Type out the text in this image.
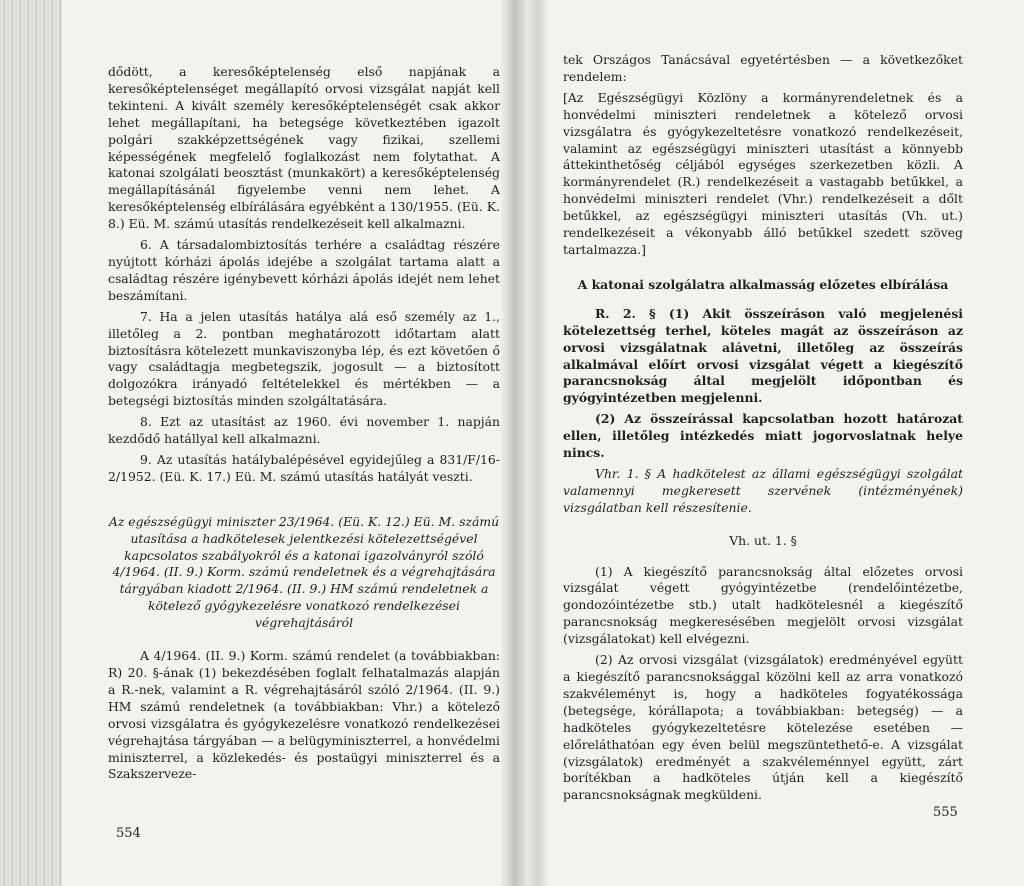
dődött, a keresőképtelenség első napjának a keresőképtelenséget megállapító orvosi vizsgálat napját kell tekinteni. A kivált személy keresőképtelenségét csak akkor lehet megállapítani, ha betegsége következtében igazolt polgári szakképzettségének vagy fizikai, szellemi képességének megfelelő foglalkozást nem folytathat. A katonai szolgálati beosztást (munkakört) a keresőképtelenség megállapításánál figyelembe venni nem lehet. A keresőképtelenség elbírálására egyébként a 130/1955. (Eü. K. 8.) Eü. M. számú utasítás rendelkezéseit kell alkalmazni.

6. A társadalombiztosítás terhére a családtag részére nyújtott kórházi ápolás idejébe a szolgálat tartama alatt a családtag részére igénybevett kórházi ápolás idejét nem lehet beszámítani.

7. Ha a jelen utasítás hatálya alá eső személy az 1., illetőleg a 2. pontban meghatározott időtartam alatt biztosításra kötelezett munkaviszonyba lép, és ezt követően ő vagy családtagja megbetegszik, jogosult — a biztosított dolgozókra irányadó feltételekkel és mértékben — a betegségi biztosítás minden szolgáltatására.

8. Ezt az utasítást az 1960. évi november 1. napján kezdődő hatállyal kell alkalmazni.

9. Az utasítás hatálybalépésével egyidejűleg a 831/F/16-2/1952. (Eü. K. 17.) Eü. M. számú utasítás hatályát veszti.

Az egészségügyi miniszter 23/1964. (Eü. K. 12.) Eü. M. számú utasítása a hadkötelesek jelentkezési kötelezettségével kapcsolatos szabályokról és a katonai igazolványról szóló 4/1964. (II. 9.) Korm. számú rendeletnek és a végrehajtására tárgyában kiadott 2/1964. (II. 9.) HM számú rendeletnek a kötelező gyógykezelésre vonatkozó rendelkezései végrehajtásáról

A 4/1964. (II. 9.) Korm. számú rendelet (a továbbiakban: R) 20. §-ának (1) bekezdésében foglalt felhatalmazás alapján a R.-nek, valamint a R. végrehajtásáról szóló 2/1964. (II. 9.) HM számú rendeletnek (a továbbiakban: Vhr.) a kötelező orvosi vizsgálatra és gyógykezelésre vonatkozó rendelkezései végrehajtása tárgyában — a belügyminiszterrel, a honvédelmi miniszterrel, a közlekedés- és postaügyi miniszterrel és a Szakszerveze-

554

tek Országos Tanácsával egyetértésben — a következőket rendelem:

[Az Egészségügyi Közlöny a kormányrendeletnek és a honvédelmi miniszteri rendeletnek a kötelező orvosi vizsgálatra és gyógykezeltetésre vonatkozó rendelkezéseit, valamint az egészségügyi miniszteri utasítást a könnyebb áttekinthetőség céljából egységes szerkezetben közli. A kormányrendelet (R.) rendelkezéseit a vastagabb betűkkel, a honvédelmi miniszteri rendelet (Vhr.) rendelkezéseit a dőlt betűkkel, az egészségügyi miniszteri utasítás (Vh. ut.) rendelkezéseit a vékonyabb álló betűkkel szedett szöveg tartalmazza.]

A katonai szolgálatra alkalmasság előzetes elbírálása

R. 2. § (1) Akit összeíráson való megjelenési kötelezettség terhel, köteles magát az összeíráson az orvosi vizsgálatnak alávetni, illetőleg az összeírás alkalmával előírt orvosi vizsgálat végett a kiegészítő parancsnokság által megjelölt időpontban és gyógyintézetben megjelenni.

(2) Az összeírással kapcsolatban hozott határozat ellen, illetőleg intézkedés miatt jogorvoslatnak helye nincs.

Vhr. 1. § A hadkötelest az állami egészségügyi szolgálat valamennyi megkeresett szervének (intézményének) vizsgálatban kell részesítenie.

Vh. ut. 1. §

(1) A kiegészítő parancsnokság által előzetes orvosi vizsgálat végett gyógyintézetbe (rendelőintézetbe, gondozóintézetbe stb.) utalt hadkötelesnél a kiegészítő parancsnokság megkeresésében megjelölt orvosi vizsgálat (vizsgálatokat) kell elvégezni.

(2) Az orvosi vizsgálat (vizsgálatok) eredményével együtt a kiegészítő parancsnoksággal közölni kell az arra vonatkozó szakvéleményt is, hogy a hadköteles fogyatékossága (betegsége, kórállapota; a továbbiakban: betegség) — a hadköteles gyógykezeltetésre kötelezése esetében — előreláthatóan egy éven belül megszüntethető-e. A vizsgálat (vizsgálatok) eredményét a szakvéleménnyel együtt, zárt borítékban a hadköteles útján kell a kiegészítő parancsnokságnak megküldeni.

555
